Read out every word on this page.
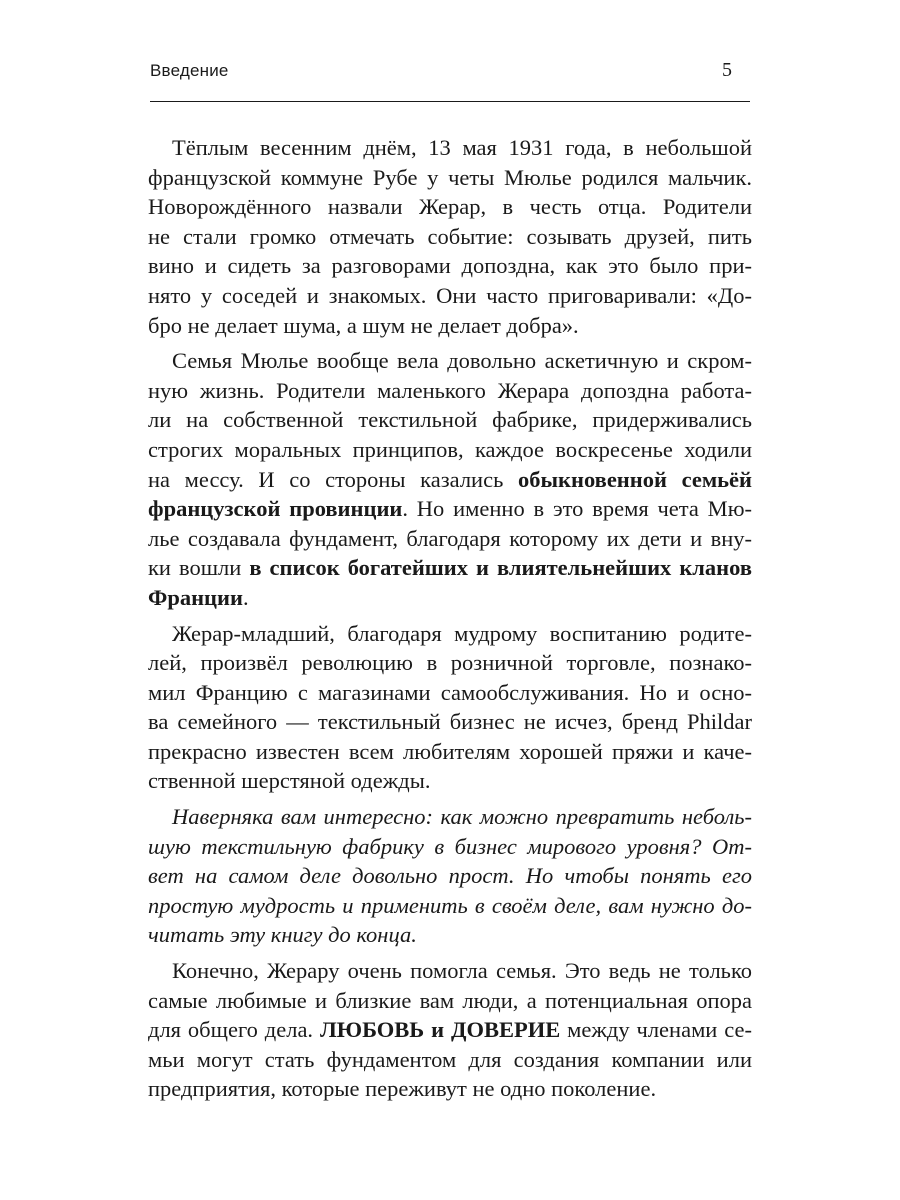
Введение	5
Тёплым весенним днём, 13 мая 1931 года, в небольшой
французской коммуне Рубе у четы Мюлье родился мальчик.
Новорождённого назвали Жерар, в честь отца. Родители
не стали громко отмечать событие: созывать друзей, пить
вино и сидеть за разговорами допоздна, как это было при-
нято у соседей и знакомых. Они часто приговаривали: «До-
бро не делает шума, а шум не делает добра».
Семья Мюлье вообще вела довольно аскетичную и скром-
ную жизнь. Родители маленького Жерара допоздна работа-
ли на собственной текстильной фабрике, придерживались
строгих моральных принципов, каждое воскресенье ходили
на мессу. И со стороны казались обыкновенной семьёй
французской провинции. Но именно в это время чета Мю-
лье создавала фундамент, благодаря которому их дети и вну-
ки вошли в список богатейших и влиятельнейших кланов
Франции.
Жерар-младший, благодаря мудрому воспитанию родите-
лей, произвёл революцию в розничной торговле, познако-
мил Францию с магазинами самообслуживания. Но и осно-
ва семейного — текстильный бизнес не исчез, бренд Phildar
прекрасно известен всем любителям хорошей пряжи и каче-
ственной шерстяной одежды.
Наверняка вам интересно: как можно превратить неболь-
шую текстильную фабрику в бизнес мирового уровня? От-
вет на самом деле довольно прост. Но чтобы понять его
простую мудрость и применить в своём деле, вам нужно до-
читать эту книгу до конца.
Конечно, Жерару очень помогла семья. Это ведь не только
самые любимые и близкие вам люди, а потенциальная опора
для общего дела. ЛЮБОВЬ и ДОВЕРИЕ между членами се-
мьи могут стать фундаментом для создания компании или
предприятия, которые переживут не одно поколение.
